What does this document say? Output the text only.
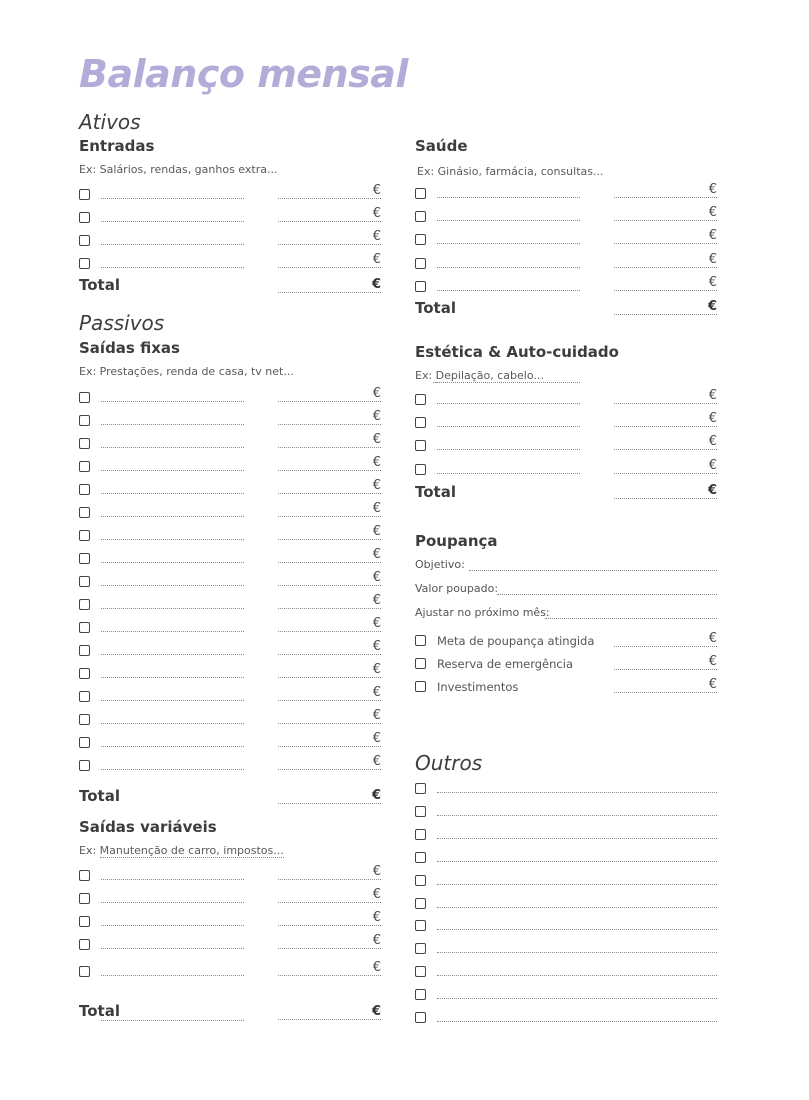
Balanço mensal
Ativos
Entradas
Ex: Salários, rendas, ganhos extra...
€
€
€
€
Total	€
Passivos
Saídas fixas
Ex: Prestações, renda de casa, tv net...
€
€
€
€
€
€
€
€
€
€
€
€
€
€
€
€
€
Total	€
Saídas variáveis
Ex: Manutenção de carro, impostos...
€
€
€
€
€
Total	€
Saúde
Ex: Ginásio, farmácia, consultas...
€
€
€
€
€
Total	€
Estética & Auto-cuidado
Ex: Depilação, cabelo...
€
€
€
€
Total	€
Poupança
Objetivo:
Valor poupado:
Ajustar no próximo mês:
Meta de poupança atingida	€
Reserva de emergência	€
Investimentos	€
Outros
